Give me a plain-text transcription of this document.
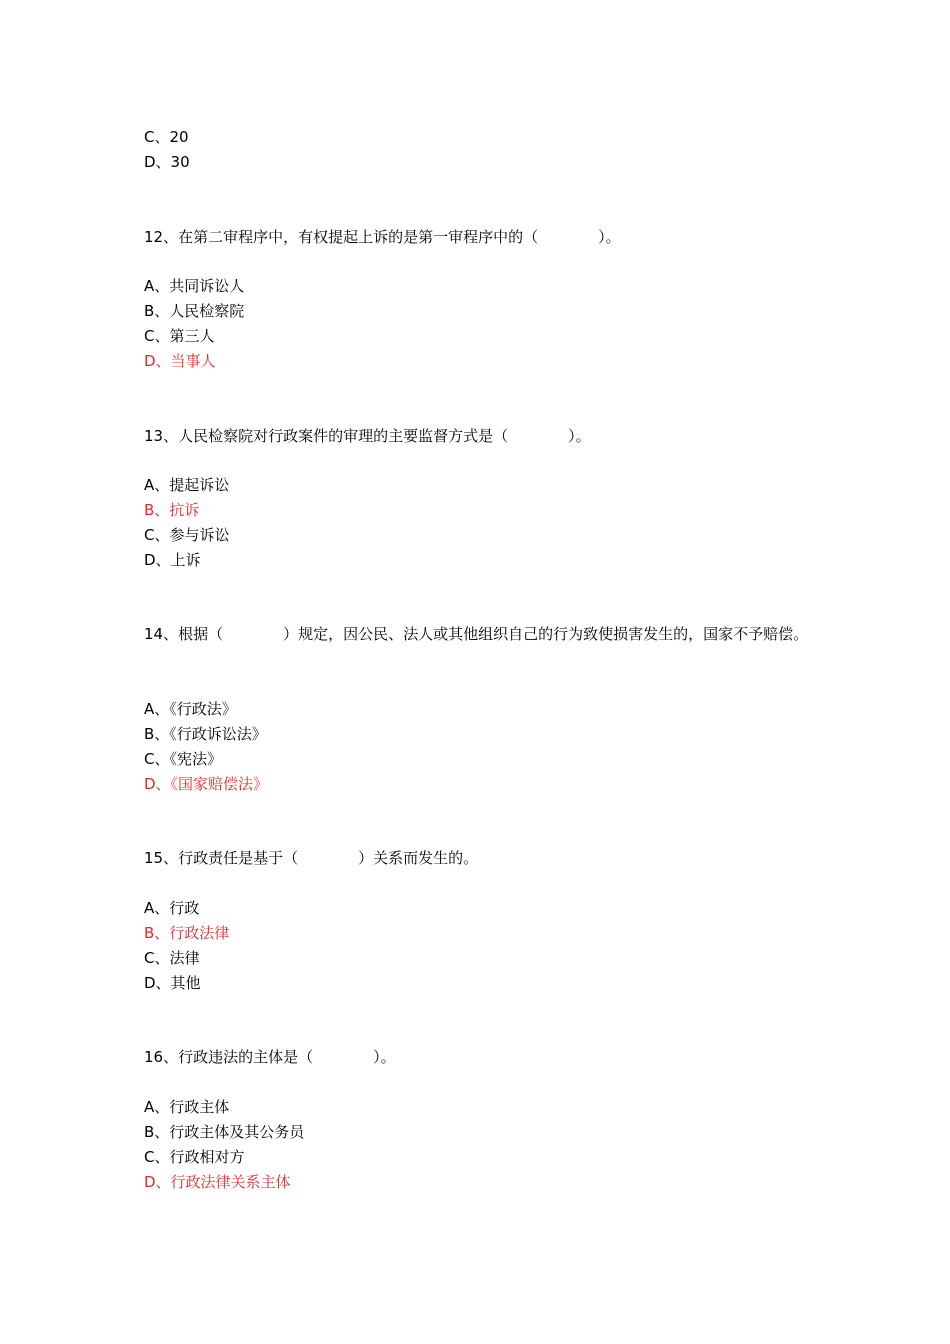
C、20
D、30
12、在第二审程序中，有权提起上诉的是第一审程序中的（　　　　）。
A、共同诉讼人
B、人民检察院
C、第三人
D、当事人
13、人民检察院对行政案件的审理的主要监督方式是（　　　　）。
A、提起诉讼
B、抗诉
C、参与诉讼
D、上诉
14、根据（　　　　）规定，因公民、法人或其他组织自己的行为致使损害发生的，国家不予赔偿。
A、《行政法》
B、《行政诉讼法》
C、《宪法》
D、《国家赔偿法》
15、行政责任是基于（　　　　）关系而发生的。
A、行政
B、行政法律
C、法律
D、其他
16、行政违法的主体是（　　　　）。
A、行政主体
B、行政主体及其公务员
C、行政相对方
D、行政法律关系主体
